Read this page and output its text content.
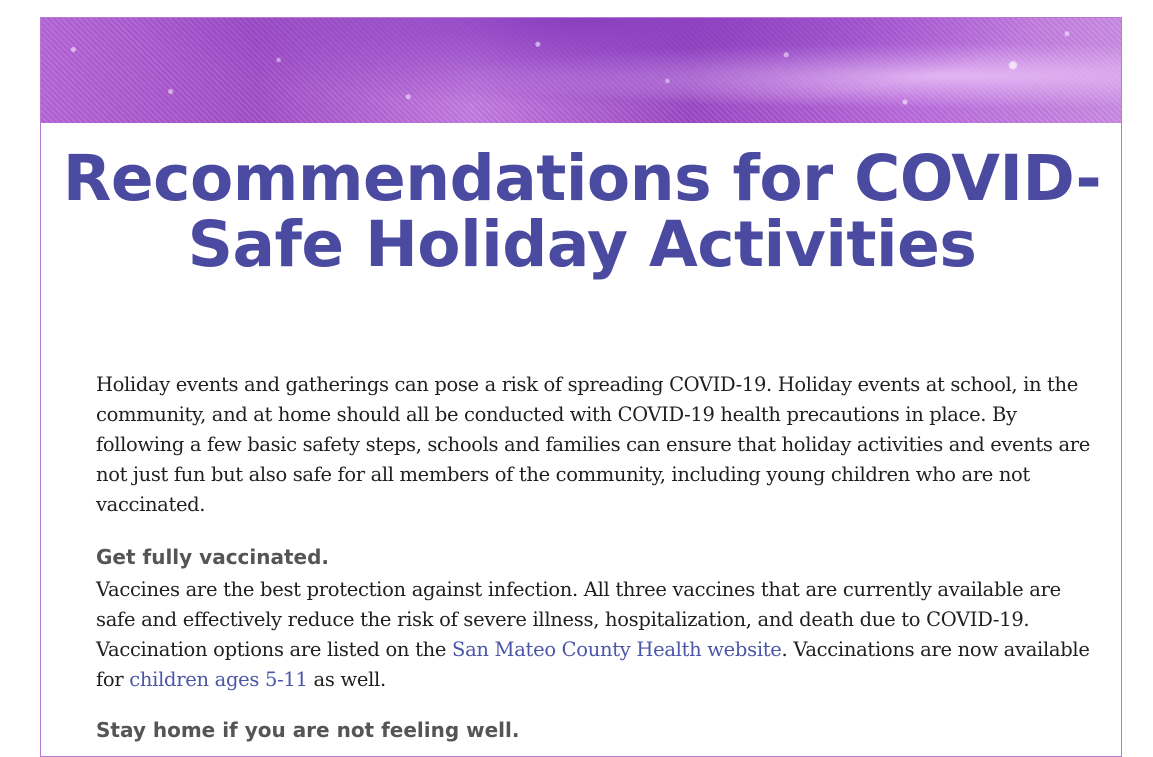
Recommendations for COVID-Safe Holiday Activities

Holiday events and gatherings can pose a risk of spreading COVID-19. Holiday events at school, in the community, and at home should all be conducted with COVID-19 health precautions in place. By following a few basic safety steps, schools and families can ensure that holiday activities and events are not just fun but also safe for all members of the community, including young children who are not vaccinated.

Get fully vaccinated.

Vaccines are the best protection against infection. All three vaccines that are currently available are safe and effectively reduce the risk of severe illness, hospitalization, and death due to COVID-19. Vaccination options are listed on the San Mateo County Health website. Vaccinations are now available for children ages 5-11 as well.

Stay home if you are not feeling well.
